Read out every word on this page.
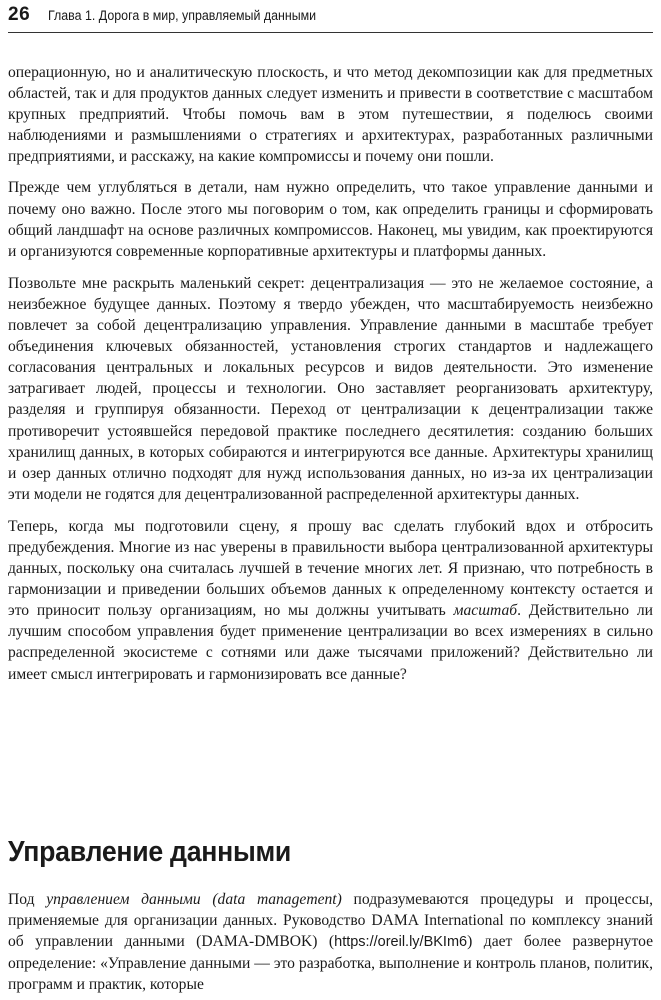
26 Глава 1. Дорога в мир, управляемый данными

операционную, но и аналитическую плоскость, и что метод декомпозиции как для предметных областей, так и для продуктов данных следует изменить и привести в соответствие с масштабом крупных предприятий. Чтобы помочь вам в этом путешествии, я поделюсь своими наблюдениями и размышлениями о стратегиях и архитектурах, разработанных различными предприятиями, и расскажу, на какие компромиссы и почему они пошли.

Прежде чем углубляться в детали, нам нужно определить, что такое управление данными и почему оно важно. После этого мы поговорим о том, как определить границы и сформировать общий ландшафт на основе различных компромиссов. Наконец, мы увидим, как проектируются и организуются современные корпоративные архитектуры и платформы данных.

Позвольте мне раскрыть маленький секрет: децентрализация — это не желаемое состояние, а неизбежное будущее данных. Поэтому я твердо убежден, что масштабируемость неизбежно повлечет за собой децентрализацию управления. Управление данными в масштабе требует объединения ключевых обязанностей, установления строгих стандартов и надлежащего согласования центральных и локальных ресурсов и видов деятельности. Это изменение затрагивает людей, процессы и технологии. Оно заставляет реорганизовать архитектуру, разделяя и группируя обязанности. Переход от централизации к децентрализации также противоречит устоявшейся передовой практике последнего десятилетия: созданию больших хранилищ данных, в которых собираются и интегрируются все данные. Архитектуры хранилищ и озер данных отлично подходят для нужд использования данных, но из-за их централизации эти модели не годятся для децентрализованной распределенной архитектуры данных.

Теперь, когда мы подготовили сцену, я прошу вас сделать глубокий вдох и отбросить предубеждения. Многие из нас уверены в правильности выбора централизованной архитектуры данных, поскольку она считалась лучшей в течение многих лет. Я признаю, что потребность в гармонизации и приведении больших объемов данных к определенному контексту остается и это приносит пользу организациям, но мы должны учитывать масштаб. Действительно ли лучшим способом управления будет применение централизации во всех измерениях в сильно распределенной экосистеме с сотнями или даже тысячами приложений? Действительно ли имеет смысл интегрировать и гармонизировать все данные?

Управление данными

Под управлением данными (data management) подразумеваются процедуры и процессы, применяемые для организации данных. Руководство DAMA International по комплексу знаний об управлении данными (DAMA-DMBOK) (https://oreil.ly/BKIm6) дает более развернутое определение: «Управление данными — это разработка, выполнение и контроль планов, политик, программ и практик, которые
